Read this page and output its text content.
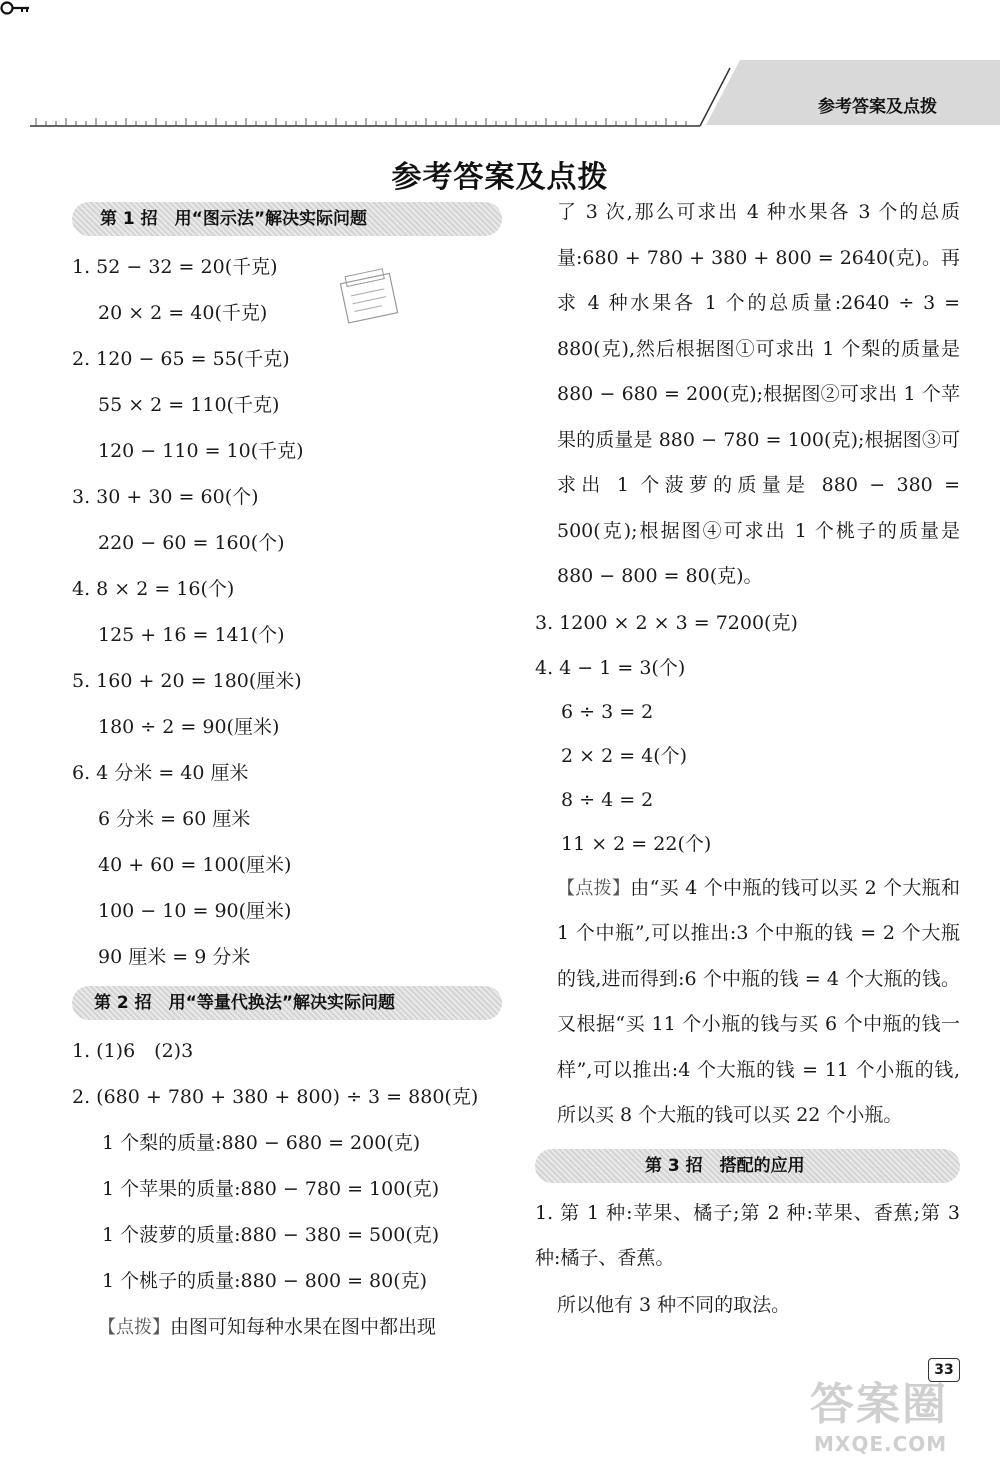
参考答案及点拨
参考答案及点拨
第 1 招　用“图示法”解决实际问题
1. 52 − 32 = 20(千克)
20 × 2 = 40(千克)
2. 120 − 65 = 55(千克)
55 × 2 = 110(千克)
120 − 110 = 10(千克)
3. 30 + 30 = 60(个)
220 − 60 = 160(个)
4. 8 × 2 = 16(个)
125 + 16 = 141(个)
5. 160 + 20 = 180(厘米)
180 ÷ 2 = 90(厘米)
6. 4 分米 = 40 厘米
6 分米 = 60 厘米
40 + 60 = 100(厘米)
100 − 10 = 90(厘米)
90 厘米 = 9 分米
第 2 招　用“等量代换法”解决实际问题
1. (1)6　(2)3
2. (680 + 780 + 380 + 800) ÷ 3 = 880(克)
1 个梨的质量:880 − 680 = 200(克)
1 个苹果的质量:880 − 780 = 100(克)
1 个菠萝的质量:880 − 380 = 500(克)
1 个桃子的质量:880 − 800 = 80(克)
【点拨】由图可知每种水果在图中都出现
了 3 次,那么可求出 4 种水果各 3 个的总质量:680 + 780 + 380 + 800 = 2640(克)。再求 4 种水果各 1 个的总质量:2640 ÷ 3 = 880(克),然后根据图①可求出 1 个梨的质量是 880 − 680 = 200(克);根据图②可求出 1 个苹果的质量是 880 − 780 = 100(克);根据图③可求出 1 个菠萝的质量是 880 − 380 = 500(克);根据图④可求出 1 个桃子的质量是 880 − 800 = 80(克)。
3. 1200 × 2 × 3 = 7200(克)
4. 4 − 1 = 3(个)
6 ÷ 3 = 2
2 × 2 = 4(个)
8 ÷ 4 = 2
11 × 2 = 22(个)
【点拨】由“买 4 个中瓶的钱可以买 2 个大瓶和 1 个中瓶”,可以推出:3 个中瓶的钱 = 2 个大瓶的钱,进而得到:6 个中瓶的钱 = 4 个大瓶的钱。又根据“买 11 个小瓶的钱与买 6 个中瓶的钱一样”,可以推出:4 个大瓶的钱 = 11 个小瓶的钱,所以买 8 个大瓶的钱可以买 22 个小瓶。
第 3 招　搭配的应用
1. 第 1 种:苹果、橘子;第 2 种:苹果、香蕉;第 3 种:橘子、香蕉。
所以他有 3 种不同的取法。
33
答案圈
MXQE.COM
